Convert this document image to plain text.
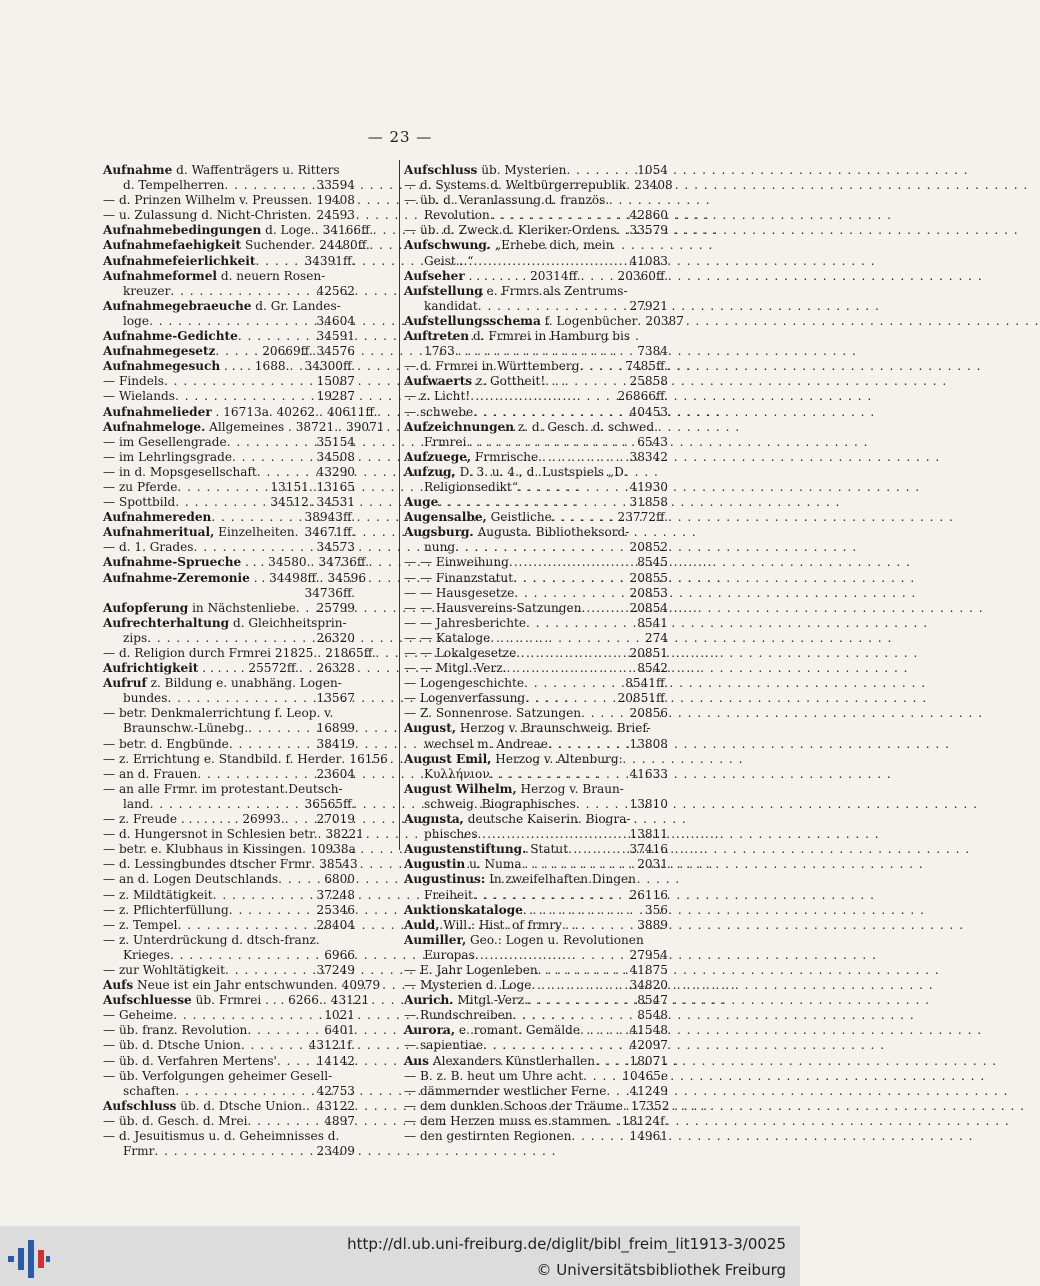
— 23 —
Aufnahme d. Waffenträgers u. Ritters
d. Tempelherren . . .	33594
— d. Prinzen Wilhelm v. Preussen . . . 19408
— u. Zulassung d. Nicht-Christen . . . 24593
Aufnahmebedingungen d. Loge. . . . 34166ff.
Aufnahmefaehigkeit Suchender . . . 24480ff.
Aufnahmefeierlichkeit . . .	34391ff.
Aufnahmeformel d. neuern Rosen-
kreuzer . . .	42562
Aufnahmegebraeuche d. Gr. Landes-
loge . . .	34604
Aufnahme-Gedichte . . .	34591
Aufnahmegesetz . . .	20669ff. 34576
Aufnahmegesuch . . . . 1688. . . . 34300ff.
— Findels . . .	15087
— Wielands . . .	19287
Aufnahmelieder . 16713a. 40262. . . . 40611ff.
Aufnahmeloge. Allgemeines . 38721. . . . 39071
— im Gesellengrade . . .	35154
— im Lehrlingsgrade . . .	34508
— in d. Mopsgesellschaft . . .	43290
— zu Pferde . . .	13151. 13165
— Spottbild . . .	34512. 34531
Aufnahmereden . . .	38943ff.
Aufnahmeritual, Einzelheiten . . . 34671ff.
— d. 1. Grades . . .	34573
Aufnahme-Sprueche . . . 34580. . . . 34736ff.
Aufnahme-Zeremonie . . 34498ff. . . . 34596
34736ff.
Aufopferung in Nächstenliebe . . . 25799
Aufrechterhaltung d. Gleichheitsprin-
zips . . .	26320
— d. Religion durch Frmrei 21825. . . . 21865ff.
Aufrichtigkeit . . . . . . 25572ff. . . . 26328
Aufruf z. Bildung e. unabhäng. Logen-
bundes . . .	13567
— betr. Denkmalerrichtung f. Leop. v.
Braunschw.-Lünebg. . . .	16899
— betr. d. Engbünde . . .	38419
— z. Errichtung e. Standbild. f. Herder . . . 16156
— an d. Frauen . . .	23604
— an alle Frmr. im protestant.Deutsch-
land . . .	36565ff.
— z. Freude . . . . . . . . 26993. . . .	27019
— d. Hungersnot in Schlesien betr. . . . 38221
— betr. e. Klubhaus in Kissingen . . . 10938a
— d. Lessingbundes dtscher Frmr . . . 38543
— an d. Logen Deutschlands . . .	6800
— z. Mildtätigkeit . . .	37248
— z. Pflichterfüllung . . .	25346
— z. Tempel . . .	28404
— z. Unterdrückung d. dtsch-franz.
Krieges . . .	6966
— zur Wohltätigkeit . . .	37249
Aufs Neue ist ein Jahr entschwunden . . . 40979
Aufschluesse üb. Frmrei . . . 6266. . . . 43121
— Geheime . . .	1021
— üb. franz. Revolution . . .	6401
— üb. d. Dtsche Union . . .	43121f.
— üb. d. Verfahren Mertens' . . .	14142
— üb. Verfolgungen geheimer Gesell-
schaften . . .	42753
Aufschluss üb. d. Dtsche Union. . . . 43122
— üb. d. Gesch. d. Mrei . . .	4897
— d. Jesuitismus u. d. Geheimnisses d.
Frmr . . .	23409
Aufschluss üb. Mysterien . . .	1054
— d. Systems d. Weltbürgerrepublik . . . 23408
— üb. d. Veranlassung d. französ.
Revolution . . .	42860
— üb. d. Zweck d. Kleriker-Ordens . . . 33579
Aufschwung. „Erhebe dich, mein
Geist...“ . . .	41083
Aufseher . . . . . . . . 20314ff. . . .	20360ff.
Aufstellung e. Frmrs als Zentrums-
kandidat . . .	27921
Aufstellungsschema f. Logenbücher . . . 20387
Auftreten d. Frmrei in Hamburg bis
1763 . . .	7384
— d. Frmrei in Württemberg . . .	7485ff.
Aufwaerts z. Gottheit! . . .	25858
— z. Licht! . . .	26866ff.
— schwebe . . .	40453
Aufzeichnungen z. d. Gesch. d. schwed.
Frmrei . . .	6543
Aufzuege, Frmrische . . .	38342
Aufzug, D. 3. u. 4., d. Lustspiels „D.
Religionsedikt“ . . .	41930
Auge . . .	31858
Augensalbe, Geistliche . . .	23772ff.
Augsburg. Augusta. Bibliotheksord-
nung . . .	20852
— — Einweihung . . .	8545
— — Finanzstatut . . .	20855
— — Hausgesetze . . .	20853
— — Hausvereins-Satzungen . . .	20854
— — Jahresberichte . . .	8541
— — Kataloge . . .	274
— — Lokalgesetze . . .	20851
— — Mitgl.-Verz. . . .	8542
— Logengeschichte . . .	8541ff.
— Logenverfassung . . .	20851ff.
— Z. Sonnenrose. Satzungen . . .	20856
August, Herzog v. Braunschweig. Brief-
wechsel m. Andreae . . .	13808
August Emil, Herzog v. Altenburg:
Κυλλήνιον . . .	41633
August Wilhelm, Herzog v. Braun-
schweig. Biographisches . . .	13810
Augusta, deutsche Kaiserin. Biogra-
phisches . . .	13811
Augustenstiftung. Statut . . .	37416
Augustin u. Numa . . .	2031
Augustinus: In zweifelhaften Dingen
Freiheit . . .	26116
Auktionskataloge . . .	356
Auld, Will.: Hist. of frmry . . .	3889
Aumiller, Geo.: Logen u. Revolutionen
Europas . . .	27954
— E. Jahr Logenleben . . .	41875
— Mysterien d. Loge . . .	34820
Aurich. Mitgl.-Verz. . . .	8547
— Rundschreiben . . .	8548
Aurora, e. romant. Gemälde . . .	41548
— sapientiae . . .	42097
Aus Alexanders Künstlerhallen . . .	18071
— B. z. B. heut um Uhre acht . . .	10465e
— dämmernder westlicher Ferne . . . 41249
— dem dunklen Schoos der Träume . . . 17352
— dem Herzen muss es stammen . . . 18124f.
— den gestirnten Regionen . . .	14961
http://dl.ub.uni-freiburg.de/diglit/bibl_freim_lit1913-3/0025
© Universitätsbibliothek Freiburg
